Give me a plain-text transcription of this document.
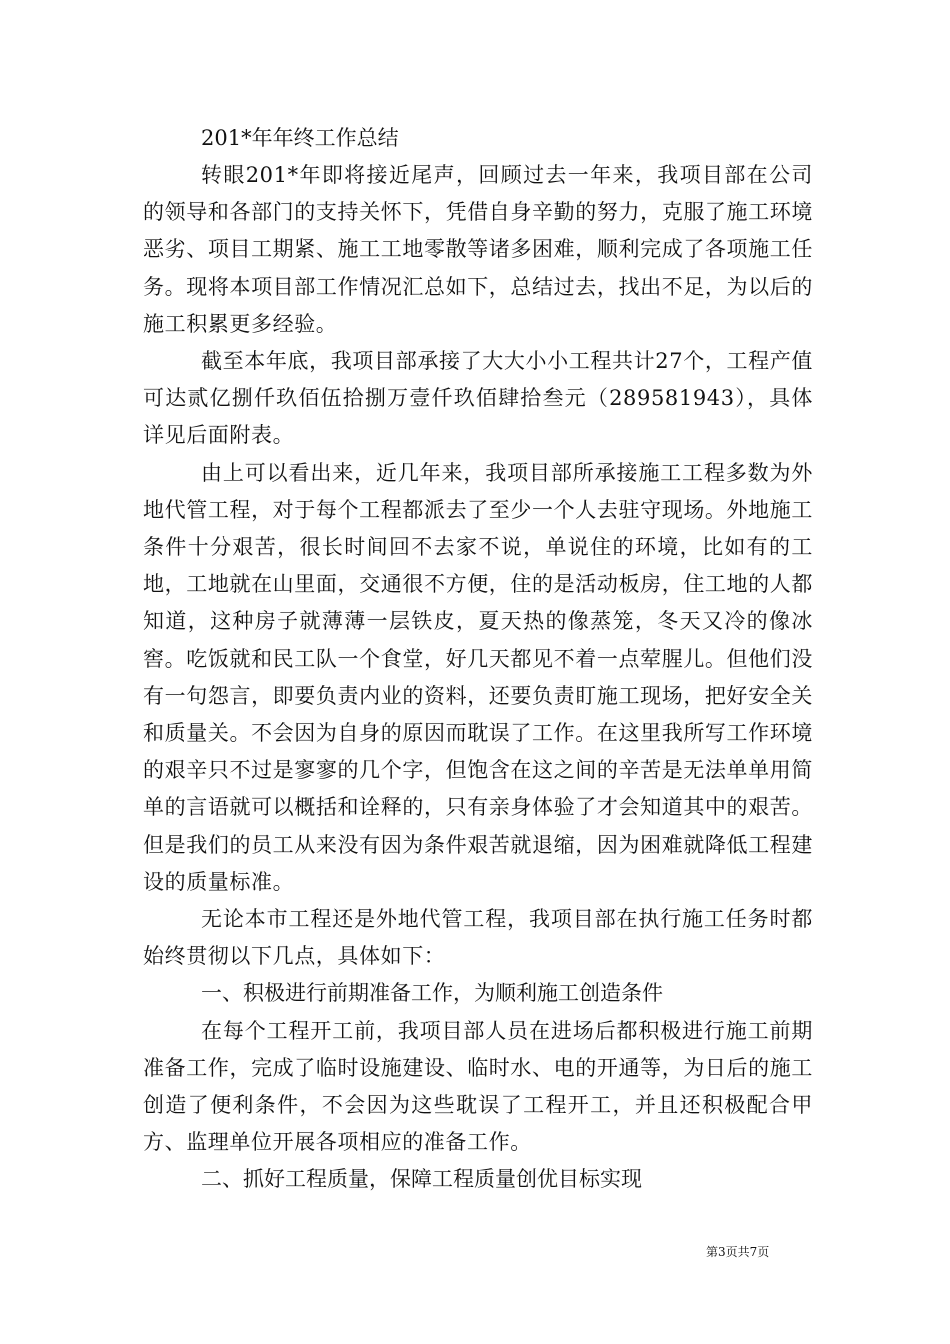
201*年年终工作总结

转眼201*年即将接近尾声，回顾过去一年来，我项目部在公司的领导和各部门的支持关怀下，凭借自身辛勤的努力，克服了施工环境恶劣、项目工期紧、施工工地零散等诸多困难，顺利完成了各项施工任务。现将本项目部工作情况汇总如下，总结过去，找出不足，为以后的施工积累更多经验。

截至本年底，我项目部承接了大大小小工程共计27个，工程产值可达贰亿捌仟玖佰伍拾捌万壹仟玖佰肆拾叁元（289581943），具体详见后面附表。

由上可以看出来，近几年来，我项目部所承接施工工程多数为外地代管工程，对于每个工程都派去了至少一个人去驻守现场。外地施工条件十分艰苦，很长时间回不去家不说，单说住的环境，比如有的工地，工地就在山里面，交通很不方便，住的是活动板房，住工地的人都知道，这种房子就薄薄一层铁皮，夏天热的像蒸笼，冬天又冷的像冰窖。吃饭就和民工队一个食堂，好几天都见不着一点荤腥儿。但他们没有一句怨言，即要负责内业的资料，还要负责盯施工现场，把好安全关和质量关。不会因为自身的原因而耽误了工作。在这里我所写工作环境的艰辛只不过是寥寥的几个字，但饱含在这之间的辛苦是无法单单用简单的言语就可以概括和诠释的，只有亲身体验了才会知道其中的艰苦。但是我们的员工从来没有因为条件艰苦就退缩，因为困难就降低工程建设的质量标准。

无论本市工程还是外地代管工程，我项目部在执行施工任务时都始终贯彻以下几点，具体如下：

一、积极进行前期准备工作，为顺利施工创造条件

在每个工程开工前，我项目部人员在进场后都积极进行施工前期准备工作，完成了临时设施建设、临时水、电的开通等，为日后的施工创造了便利条件，不会因为这些耽误了工程开工，并且还积极配合甲方、监理单位开展各项相应的准备工作。

二、抓好工程质量，保障工程质量创优目标实现

第3页共7页
